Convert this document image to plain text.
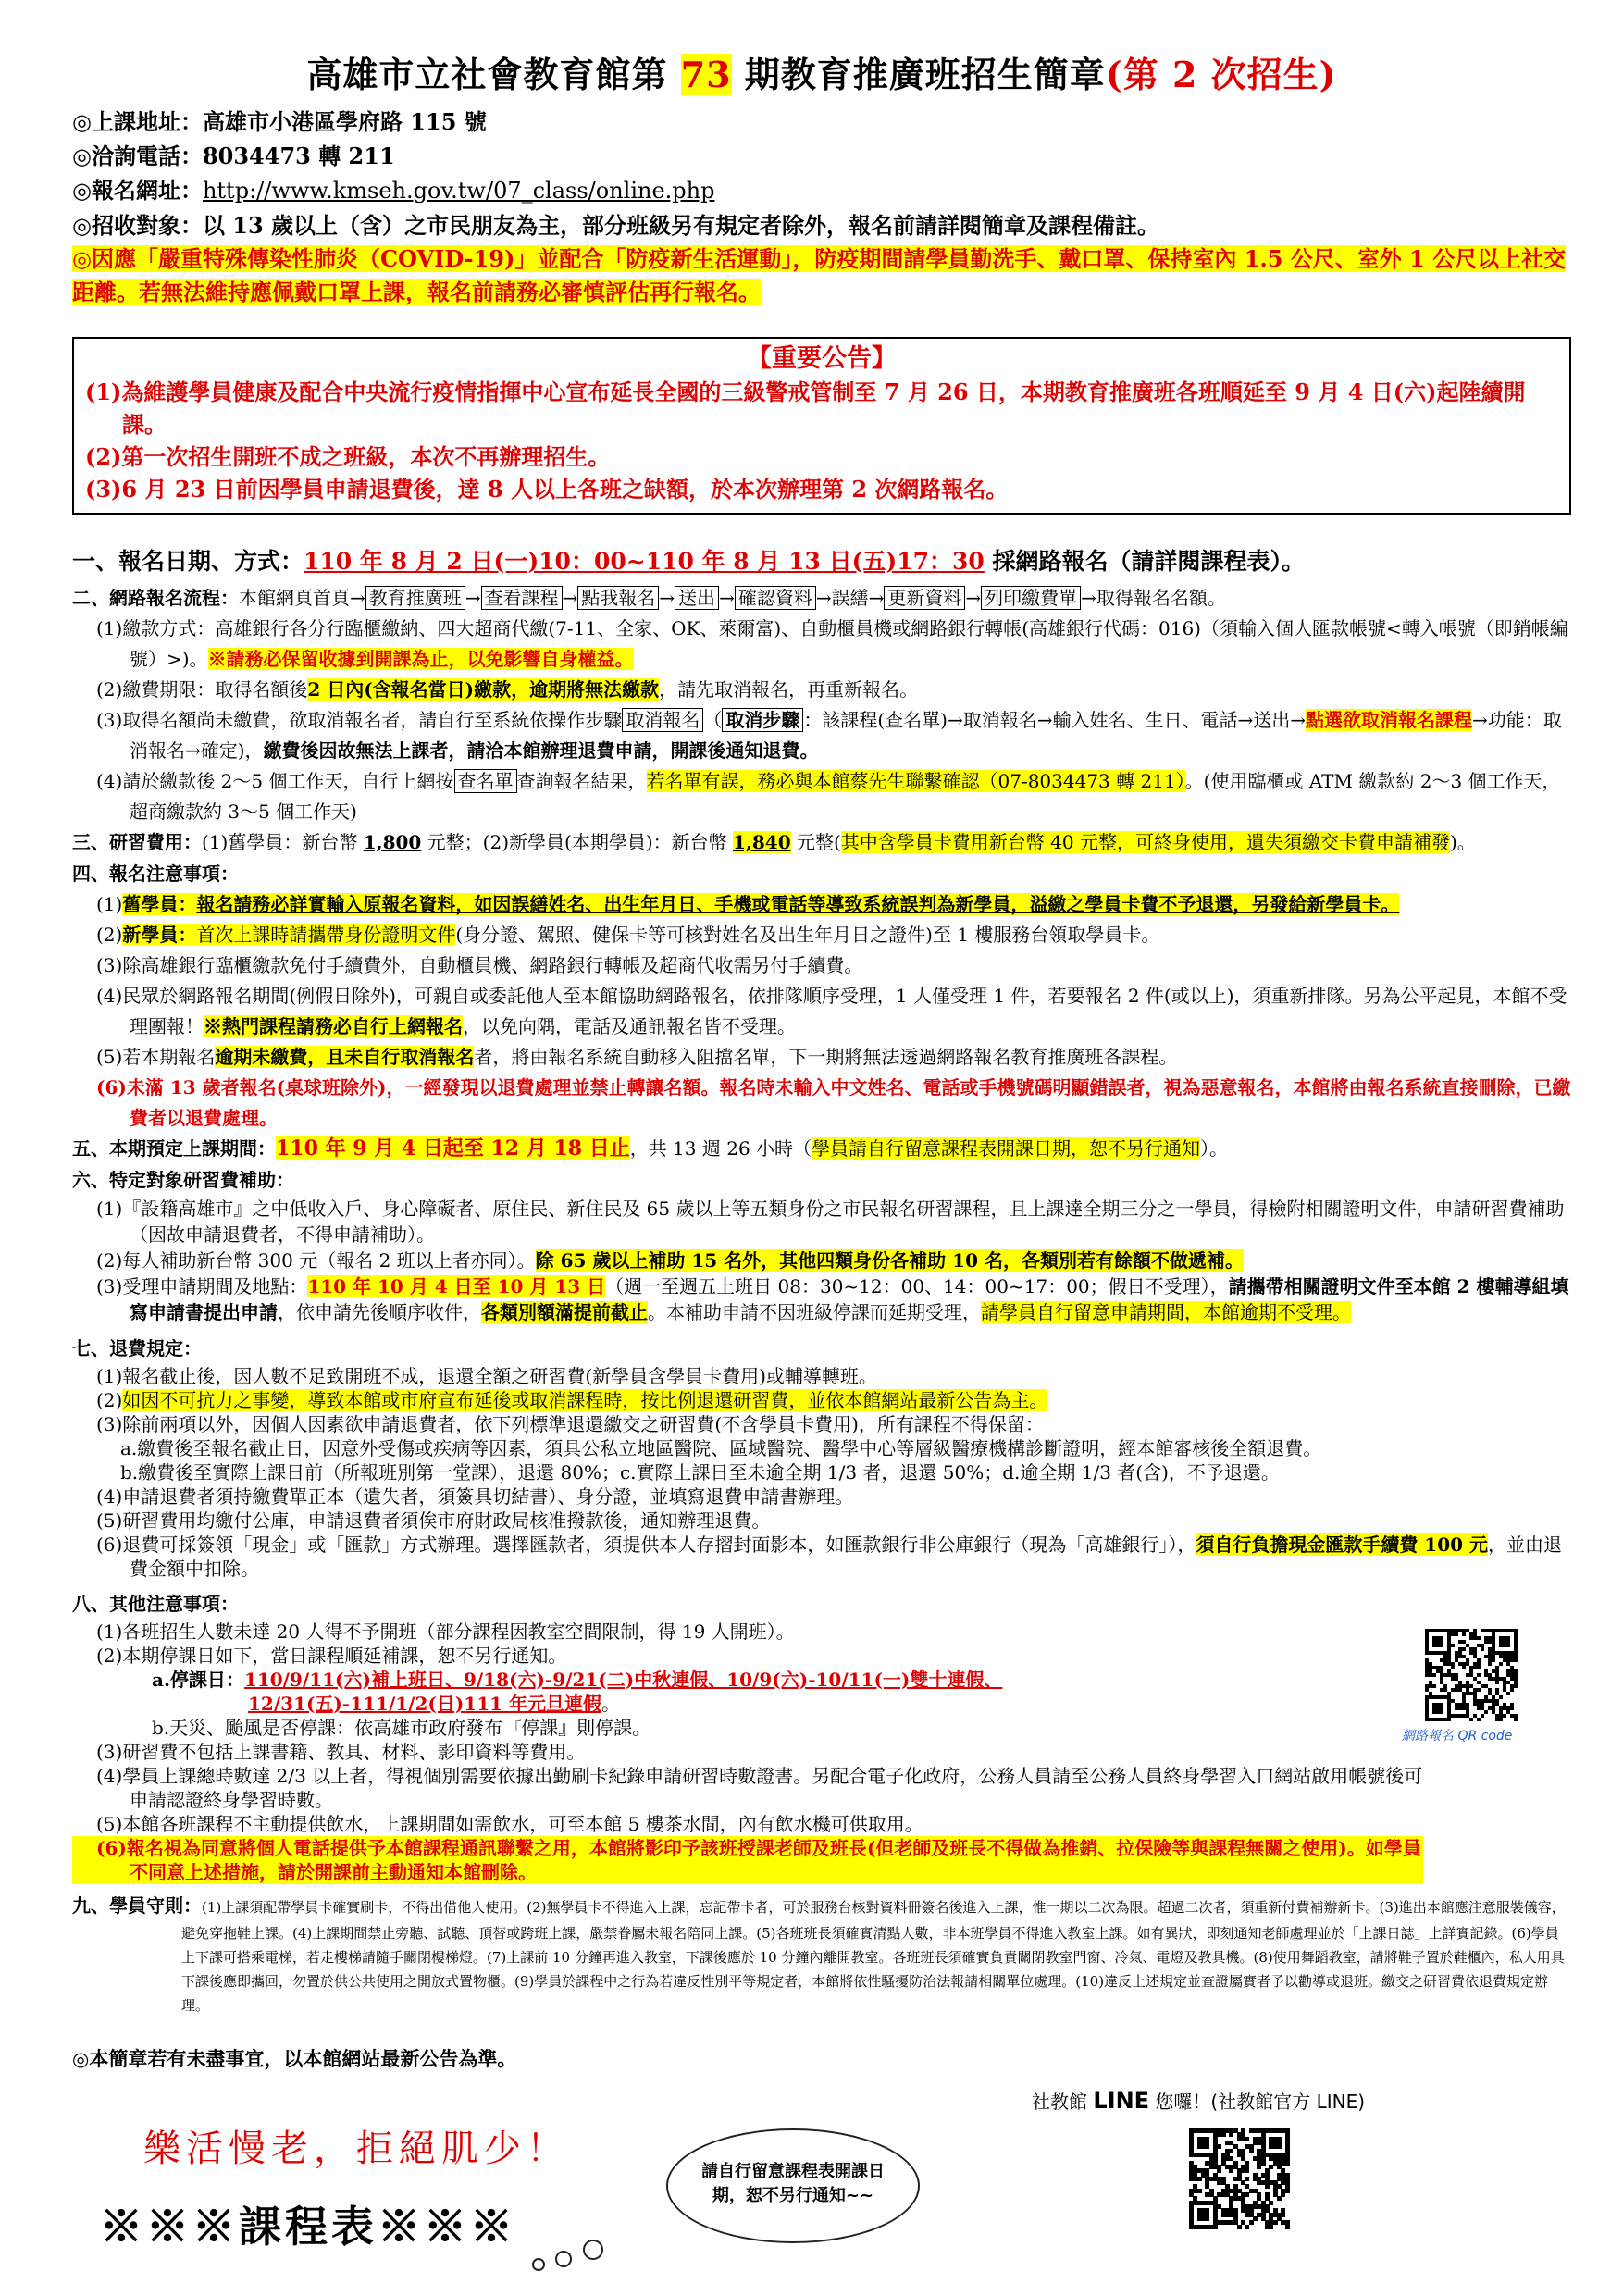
高雄市立社會教育館第 73 期教育推廣班招生簡章(第 2 次招生)
◎上課地址：高雄市小港區學府路 115 號
◎洽詢電話：8034473 轉 211
◎報名網址：http://www.kmseh.gov.tw/07_class/online.php
◎招收對象：以 13 歲以上（含）之市民朋友為主，部分班級另有規定者除外，報名前請詳閱簡章及課程備註。
◎因應「嚴重特殊傳染性肺炎（COVID-19)」並配合「防疫新生活運動」，防疫期間請學員勤洗手、戴口罩、保持室內 1.5 公尺、室外 1 公尺以上社交距離。若無法維持應佩戴口罩上課，報名前請務必審慎評估再行報名。
【重要公告】
(1)為維護學員健康及配合中央流行疫情指揮中心宣布延長全國的三級警戒管制至 7 月 26 日，本期教育推廣班各班順延至 9 月 4 日(六)起陸續開課。
(2)第一次招生開班不成之班級，本次不再辦理招生。
(3)6 月 23 日前因學員申請退費後，達 8 人以上各班之缺額，於本次辦理第 2 次網路報名。
一、報名日期、方式：110 年 8 月 2 日(一)10：00~110 年 8 月 13 日(五)17：30 採網路報名（請詳閱課程表）。
二、網路報名流程：本館網頁首頁→ 教育推廣班 → 查看課程 → 點我報名 → 送出 → 確認資料 →誤繕→ 更新資料 → 列印繳費單 →取得報名名額。
(1)繳款方式：高雄銀行各分行臨櫃繳納、四大超商代繳(7-11、全家、OK、萊爾富)、自動櫃員機或網路銀行轉帳(高雄銀行代碼：016)（須輸入個人匯款帳號<轉入帳號（即銷帳編號）>)。※請務必保留收據到開課為止，以免影響自身權益。
(2)繳費期限：取得名額後2 日內(含報名當日)繳款，逾期將無法繳款，請先取消報名，再重新報名。
(3)取得名額尚未繳費，欲取消報名者，請自行至系統依操作步驟 取消報名 （ 取消步驟 ：該課程(查名單)→取消報名→輸入姓名、生日、電話→送出→點選欲取消報名課程→功能：取消報名→確定)，繳費後因故無法上課者，請洽本館辦理退費申請，開課後通知退費。
(4)請於繳款後 2～5 個工作天，自行上網按 查名單 查詢報名結果，若名單有誤，務必與本館蔡先生聯繫確認（07-8034473 轉 211）。(使用臨櫃或 ATM 繳款約 2～3 個工作天，超商繳款約 3～5 個工作天)
三、研習費用：(1)舊學員：新台幣 1,800 元整；(2)新學員(本期學員)：新台幣 1,840 元整(其中含學員卡費用新台幣 40 元整，可終身使用，遺失須繳交卡費申請補發)。
四、報名注意事項：
(1)舊學員：報名請務必詳實輸入原報名資料，如因誤繕姓名、出生年月日、手機或電話等導致系統誤判為新學員，溢繳之學員卡費不予退還，另發給新學員卡。
(2)新學員：首次上課時請攜帶身份證明文件(身分證、駕照、健保卡等可核對姓名及出生年月日之證件)至 1 樓服務台領取學員卡。
(3)除高雄銀行臨櫃繳款免付手續費外，自動櫃員機、網路銀行轉帳及超商代收需另付手續費。
(4)民眾於網路報名期間(例假日除外)，可親自或委託他人至本館協助網路報名，依排隊順序受理，1 人僅受理 1 件，若要報名 2 件(或以上)，須重新排隊。另為公平起見，本館不受理團報！※熱門課程請務必自行上網報名，以免向隅，電話及通訊報名皆不受理。
(5)若本期報名逾期未繳費，且未自行取消報名者，將由報名系統自動移入阻擋名單，下一期將無法透過網路報名教育推廣班各課程。
(6)未滿 13 歲者報名(桌球班除外)，一經發現以退費處理並禁止轉讓名額。報名時未輸入中文姓名、電話或手機號碼明顯錯誤者，視為惡意報名，本館將由報名系統直接刪除，已繳費者以退費處理。
五、本期預定上課期間：110 年 9 月 4 日起至 12 月 18 日止，共 13 週 26 小時（學員請自行留意課程表開課日期，恕不另行通知）。
六、特定對象研習費補助：
(1)『設籍高雄市』之中低收入戶、身心障礙者、原住民、新住民及 65 歲以上等五類身份之市民報名研習課程，且上課達全期三分之一學員，得檢附相關證明文件，申請研習費補助（因故申請退費者，不得申請補助）。
(2)每人補助新台幣 300 元（報名 2 班以上者亦同）。除 65 歲以上補助 15 名外，其他四類身份各補助 10 名，各類別若有餘額不做遞補。
(3)受理申請期間及地點：110 年 10 月 4 日至 10 月 13 日（週一至週五上班日 08：30~12：00、14：00~17：00；假日不受理），請攜帶相關證明文件至本館 2 樓輔導組填寫申請書提出申請，依申請先後順序收件，各類別額滿提前截止。本補助申請不因班級停課而延期受理，請學員自行留意申請期間，本館逾期不受理。
七、退費規定：
(1)報名截止後，因人數不足致開班不成，退還全額之研習費(新學員含學員卡費用)或輔導轉班。
(2)如因不可抗力之事變，導致本館或市府宣布延後或取消課程時，按比例退還研習費，並依本館網站最新公告為主。
(3)除前兩項以外，因個人因素欲申請退費者，依下列標準退還繳交之研習費(不含學員卡費用)，所有課程不得保留：
a.繳費後至報名截止日，因意外受傷或疾病等因素，須具公私立地區醫院、區域醫院、醫學中心等層級醫療機構診斷證明，經本館審核後全額退費。
b.繳費後至實際上課日前（所報班別第一堂課），退還 80%；c.實際上課日至未逾全期 1/3 者，退還 50%；d.逾全期 1/3 者(含)，不予退還。
(4)申請退費者須持繳費單正本（遺失者，須簽具切結書）、身分證，並填寫退費申請書辦理。
(5)研習費用均繳付公庫，申請退費者須俟市府財政局核准撥款後，通知辦理退費。
(6)退費可採簽領「現金」或「匯款」方式辦理。選擇匯款者，須提供本人存摺封面影本，如匯款銀行非公庫銀行（現為「高雄銀行」），須自行負擔現金匯款手續費 100 元，並由退費金額中扣除。
八、其他注意事項：
(1)各班招生人數未達 20 人得不予開班（部分課程因教室空間限制，得 19 人開班）。
(2)本期停課日如下，當日課程順延補課，恕不另行通知。
a.停課日：110/9/11(六)補上班日、9/18(六)-9/21(二)中秋連假、10/9(六)-10/11(一)雙十連假、
12/31(五)-111/1/2(日)111 年元旦連假。
b.天災、颱風是否停課：依高雄市政府發布『停課』則停課。
(3)研習費不包括上課書籍、教具、材料、影印資料等費用。
(4)學員上課總時數達 2/3 以上者，得視個別需要依據出勤刷卡紀錄申請研習時數證書。另配合電子化政府，公務人員請至公務人員終身學習入口網站啟用帳號後可申請認證終身學習時數。
(5)本館各班課程不主動提供飲水，上課期間如需飲水，可至本館 5 樓茶水間，內有飲水機可供取用。
(6)報名視為同意將個人電話提供予本館課程通訊聯繫之用，本館將影印予該班授課老師及班長(但老師及班長不得做為推銷、拉保險等與課程無關之使用)。如學員不同意上述措施，請於開課前主動通知本館刪除。
九、學員守則：(1)上課須配帶學員卡確實刷卡，不得出借他人使用。(2)無學員卡不得進入上課，忘記帶卡者，可於服務台核對資料冊簽名後進入上課，惟一期以二次為限。超過二次者，須重新付費補辦新卡。(3)進出本館應注意服裝儀容，避免穿拖鞋上課。(4)上課期間禁止旁聽、試聽、頂替或跨班上課，嚴禁眷屬未報名陪同上課。(5)各班班長須確實清點人數，非本班學員不得進入教室上課。如有異狀，即刻通知老師處理並於「上課日誌」上詳實記錄。(6)學員上下課可搭乘電梯，若走樓梯請隨手關閉樓梯燈。(7)上課前 10 分鐘再進入教室，下課後應於 10 分鐘內離開教室。各班班長須確實負責關閉教室門窗、冷氣、電燈及教具機。(8)使用舞蹈教室，請將鞋子置於鞋櫃內，私人用具下課後應即攜回，勿置於供公共使用之開放式置物櫃。(9)學員於課程中之行為若違反性別平等規定者，本館將依性騷擾防治法報請相關單位處理。(10)違反上述規定並查證屬實者予以勸導或退班。繳交之研習費依退費規定辦理。
◎本簡章若有未盡事宜，以本館網站最新公告為準。
網路報名 QR code
社教館 LINE 您囉！(社教館官方 LINE)
樂活慢老，拒絕肌少！
※※※課程表※※※
請自行留意課程表開課日
期，恕不另行通知~~
